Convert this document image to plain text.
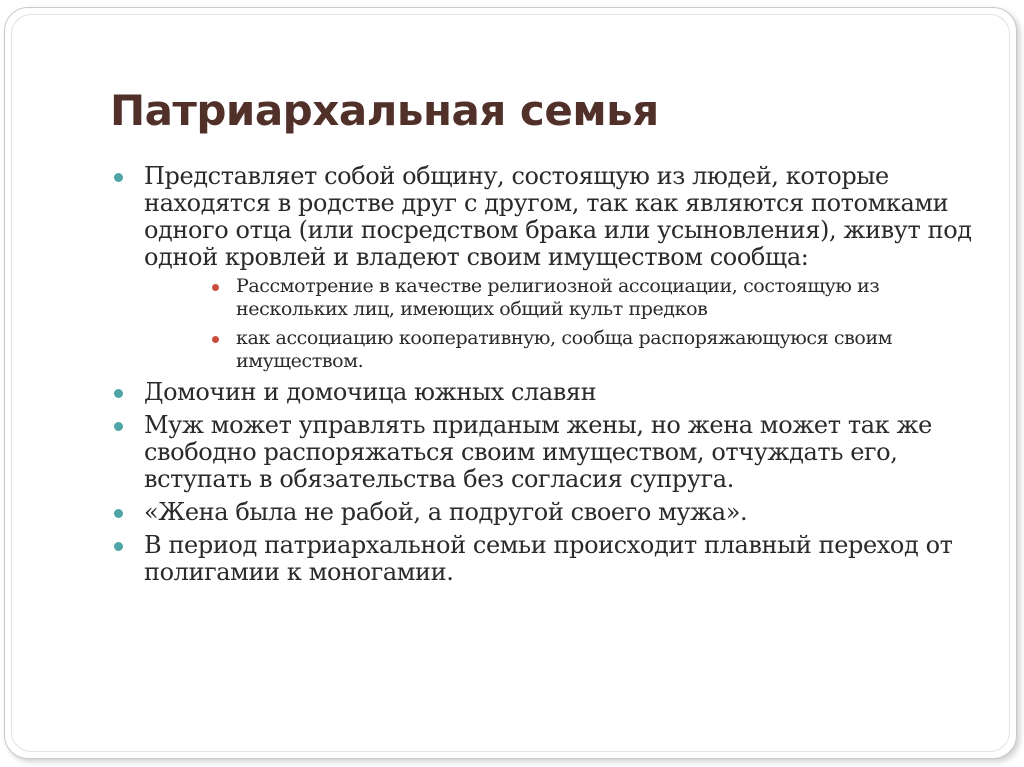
Патриархальная семья
Представляет собой общину, состоящую из людей, которые находятся в родстве друг с другом, так как являются потомками одного отца (или посредством брака или усыновления), живут под одной кровлей и владеют своим имуществом сообща:
Рассмотрение в качестве религиозной ассоциации, состоящую из нескольких лиц, имеющих общий культ предков
как ассоциацию кооперативную, сообща распоряжающуюся своим имуществом.
Домочин и домочица южных славян
Муж может управлять приданым жены, но жена может так же свободно распоряжаться своим имуществом, отчуждать его, вступать в обязательства без согласия супруга.
«Жена была не рабой, а подругой своего мужа».
В период патриархальной семьи происходит плавный переход от полигамии к моногамии.
